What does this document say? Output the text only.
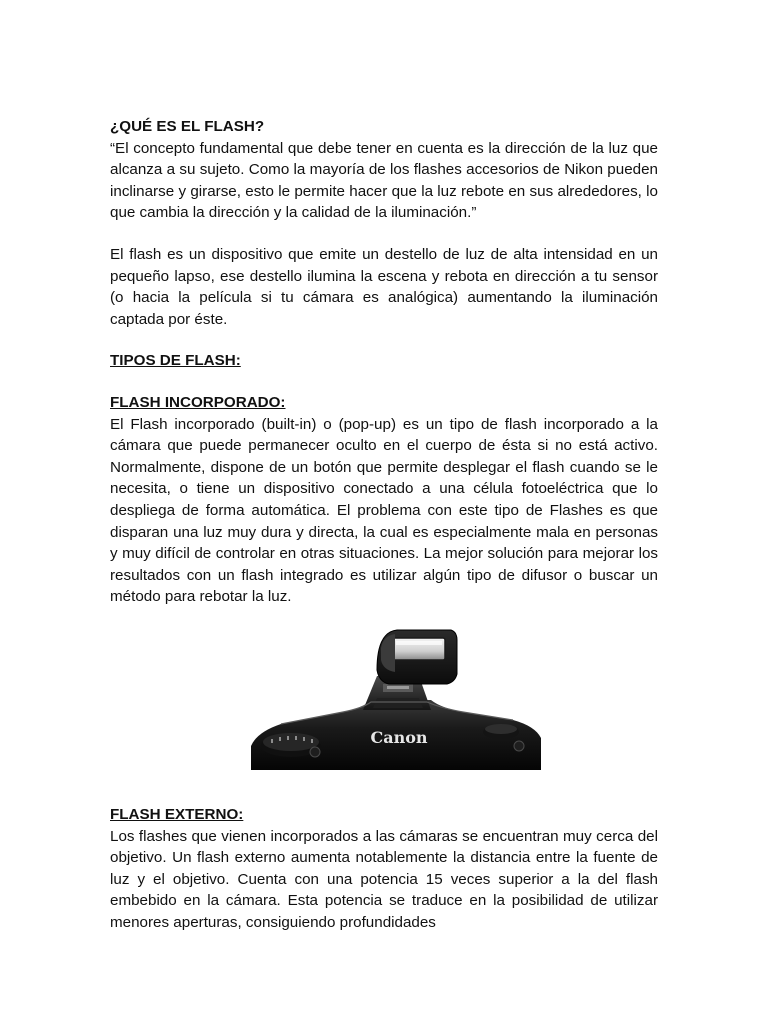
¿QUÉ ES EL FLASH?

“El concepto fundamental que debe tener en cuenta es la dirección de la luz que alcanza a su sujeto. Como la mayoría de los flashes accesorios de Nikon pueden inclinarse y girarse, esto le permite hacer que la luz rebote en sus alrededores, lo que cambia la dirección y la calidad de la iluminación.”

El flash es un dispositivo que emite un destello de luz de alta intensidad en un pequeño lapso, ese destello ilumina la escena y rebota en dirección a tu sensor (o hacia la película si tu cámara es analógica) aumentando la iluminación captada por éste.

TIPOS DE FLASH:
FLASH INCORPORADO:

El Flash incorporado (built-in) o (pop-up) es un tipo de flash incorporado a la cámara que puede permanecer oculto en el cuerpo de ésta si no está activo. Normalmente, dispone de un botón que permite desplegar el flash cuando se le necesita, o tiene un dispositivo conectado a una célula fotoeléctrica que lo despliega de forma automática. El problema con este tipo de Flashes es que disparan una luz muy dura y directa, la cual es especialmente mala en personas y muy difícil de controlar en otras situaciones. La mejor solución para mejorar los resultados con un flash integrado es utilizar algún tipo de difusor o buscar un método para rebotar la luz.

Canon
FLASH EXTERNO:

Los flashes que vienen incorporados a las cámaras se encuentran muy cerca del objetivo. Un flash externo aumenta notablemente la distancia entre la fuente de luz y el objetivo. Cuenta con una potencia 15 veces superior a la del flash embebido en la cámara. Esta potencia se traduce en la posibilidad de utilizar menores aperturas, consiguiendo profundidades
